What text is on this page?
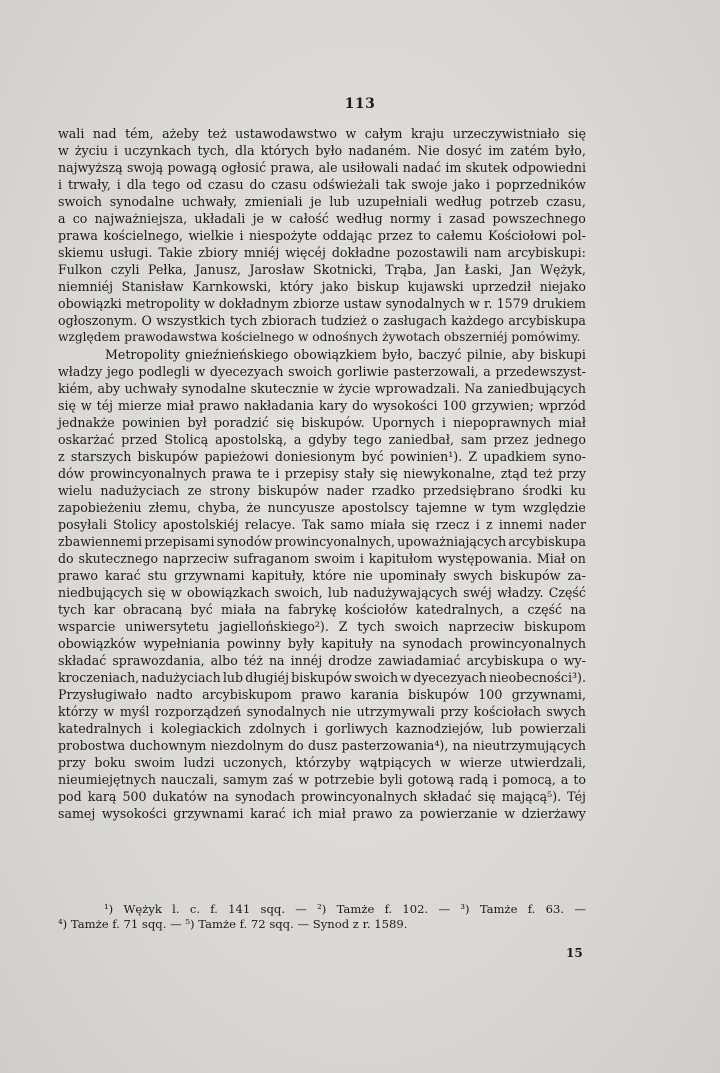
113
wali nad tém, ażeby też ustawodawstwo w całym kraju urzeczywistniało się
w życiu i uczynkach tych, dla których było nadaném. Nie dosyć im zatém było,
najwyższą swoją powagą ogłosić prawa, ale usiłowali nadać im skutek odpowiedni
i trwały, i dla tego od czasu do czasu odświeżali tak swoje jako i poprzedników
swoich synodalne uchwały, zmieniali je lub uzupełniali według potrzeb czasu,
a co najważniejsza, układali je w całość według normy i zasad powszechnego
prawa kościelnego, wielkie i niespożyte oddając przez to całemu Kościołowi pol-
skiemu usługi. Takie zbiory mniéj więcéj dokładne pozostawili nam arcybiskupi:
Fulkon czyli Pełka, Janusz, Jarosław Skotnicki, Trąba, Jan Łaski, Jan Wężyk,
niemniéj Stanisław Karnkowski, który jako biskup kujawski uprzedził niejako
obowiązki metropolity w dokładnym zbiorze ustaw synodalnych w r. 1579 drukiem
ogłoszonym. O wszystkich tych zbiorach tudzież o zasługach każdego arcybiskupa
względem prawodawstwa kościelnego w odnośnych żywotach obszerniéj pomówimy.
Metropolity gnieźnieńskiego obowiązkiem było, baczyć pilnie, aby biskupi
władzy jego podlegli w dyecezyach swoich gorliwie pasterzowali, a przedewszyst-
kiém, aby uchwały synodalne skutecznie w życie wprowadzali. Na zaniedbujących
się w téj mierze miał prawo nakładania kary do wysokości 100 grzywien; wprzód
jednakże powinien był poradzić się biskupów. Upornych i niepoprawnych miał
oskarżać przed Stolicą apostolską, a gdyby tego zaniedbał, sam przez jednego
z starszych biskupów papieżowi doniesionym być powinien¹). Z upadkiem syno-
dów prowincyonalnych prawa te i przepisy stały się niewykonalne, ztąd też przy
wielu nadużyciach ze strony biskupów nader rzadko przedsiębrano środki ku
zapobieżeniu złemu, chyba, że nuncyusze apostolscy tajemne w tym względzie
posyłali Stolicy apostolskiéj relacye. Tak samo miała się rzecz i z innemi nader
zbawiennemi przepisami synodów prowincyonalnych, upoważniających arcybiskupa
do skutecznego naprzeciw sufraganom swoim i kapitułom występowania. Miał on
prawo karać stu grzywnami kapituły, które nie upominały swych biskupów za-
niedbujących się w obowiązkach swoich, lub nadużywających swéj władzy. Część
tych kar obracaną być miała na fabrykę kościołów katedralnych, a część na
wsparcie uniwersytetu jagiellońskiego²). Z tych swoich naprzeciw biskupom
obowiązków wypełniania powinny były kapituły na synodach prowincyonalnych
składać sprawozdania, albo téż na innéj drodze zawiadamiać arcybiskupa o wy-
kroczeniach, nadużyciach lub długiéj biskupów swoich w dyecezyach nieobecności³).
Przysługiwało nadto arcybiskupom prawo karania biskupów 100 grzywnami,
którzy w myśl rozporządzeń synodalnych nie utrzymywali przy kościołach swych
katedralnych i kolegiackich zdolnych i gorliwych kaznodziejów, lub powierzali
probostwa duchownym niezdolnym do dusz pasterzowania⁴), na nieutrzymujących
przy boku swoim ludzi uczonych, którzyby wątpiących w wierze utwierdzali,
nieumiejętnych nauczali, samym zaś w potrzebie byli gotową radą i pomocą, a to
pod karą 500 dukatów na synodach prowincyonalnych składać się mającą⁵). Téj
samej wysokości grzywnami karać ich miał prawo za powierzanie w dzierżawy
¹) Wężyk l. c. f. 141 sqq. — ²) Tamże f. 102. — ³) Tamże f. 63. —
⁴) Tamże f. 71 sqq. — ⁵) Tamże f. 72 sqq. — Synod z r. 1589.
15
